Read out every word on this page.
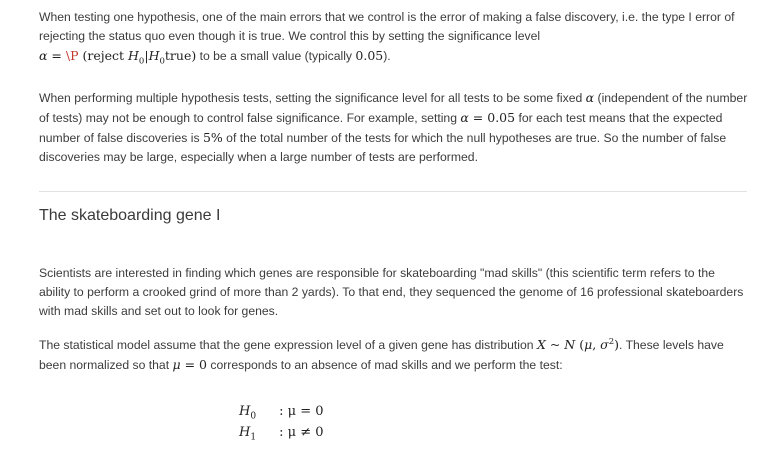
When testing one hypothesis, one of the main errors that we control is the error of making a false discovery, i.e. the type I error of rejecting the status quo even though it is true. We control this by setting the significance level
α = \P (reject $H_0|H_0true$) to be a small value (typically 0.05).

When performing multiple hypothesis tests, setting the significance level for all tests to be some fixed α (independent of the number of tests) may not be enough to control false significance. For example, setting α = 0.05 for each test means that the expected number of false discoveries is 5% of the total number of the tests for which the null hypotheses are true. So the number of false discoveries may be large, especially when a large number of tests are performed.

The skateboarding gene I

Scientists are interested in finding which genes are responsible for skateboarding "mad skills" (this scientific term refers to the ability to perform a crooked grind of more than 2 yards). To that end, they sequenced the genome of 16 professional skateboarders with mad skills and set out to look for genes.

The statistical model assume that the gene expression level of a given gene has distribution X ~ N (μ, $\sigma^2$). These levels have been normalized so that μ = 0 corresponds to an absence of mad skills and we perform the test:

$H_0$ : μ = 0
$H_1$ : μ ≠ 0
